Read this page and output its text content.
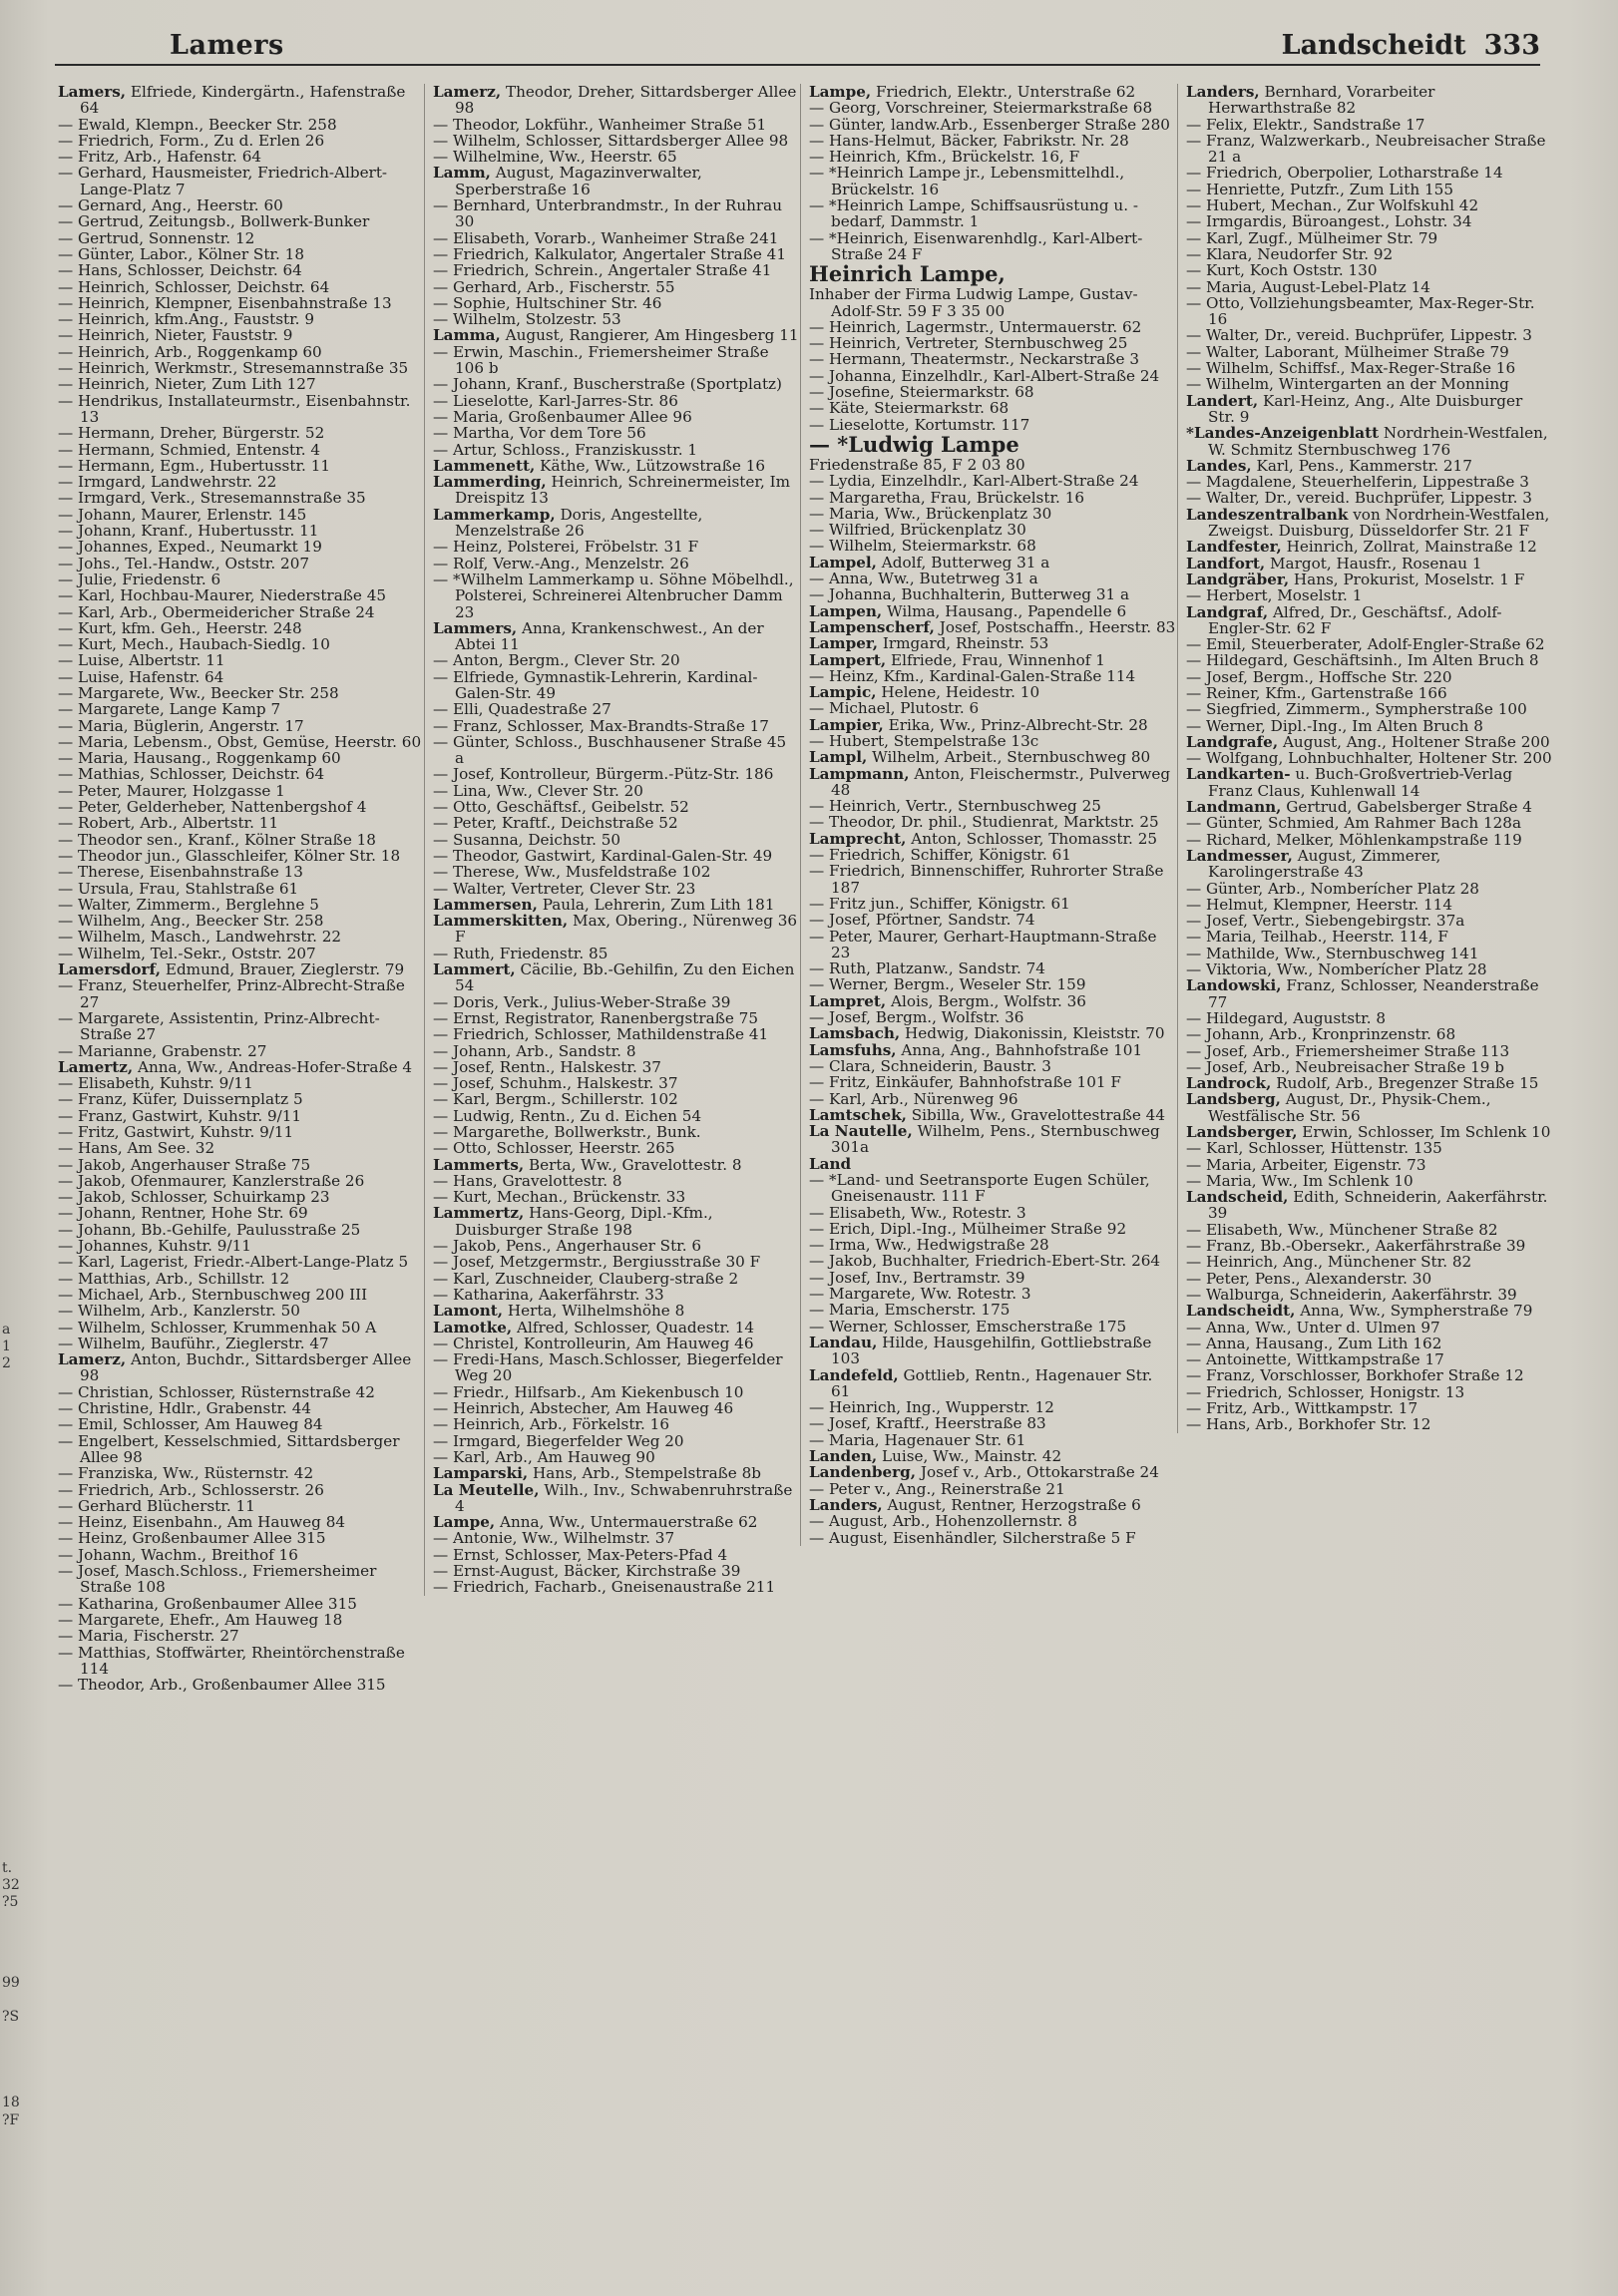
Lamers	Landscheidt 333
a
1
2
t.
32
?5
99
?S
18
?F

Lamers, Elfriede, Kindergärtn., Hafenstraße 64

— Ewald, Klempn., Beecker Str. 258

— Friedrich, Form., Zu d. Erlen 26

— Fritz, Arb., Hafenstr. 64

— Gerhard, Hausmeister, Friedrich-Albert-Lange-Platz 7

— Gernard, Ang., Heerstr. 60

— Gertrud, Zeitungsb., Bollwerk-Bunker

— Gertrud, Sonnenstr. 12

— Günter, Labor., Kölner Str. 18

— Hans, Schlosser, Deichstr. 64

— Heinrich, Schlosser, Deichstr. 64

— Heinrich, Klempner, Eisenbahnstraße 13

— Heinrich, kfm.Ang., Fauststr. 9

— Heinrich, Nieter, Fauststr. 9

— Heinrich, Arb., Roggenkamp 60

— Heinrich, Werkmstr., Stresemannstraße 35

— Heinrich, Nieter, Zum Lith 127

— Hendrikus, Installateurmstr., Eisenbahnstr. 13

— Hermann, Dreher, Bürgerstr. 52

— Hermann, Schmied, Entenstr. 4

— Hermann, Egm., Hubertusstr. 11

— Irmgard, Landwehrstr. 22

— Irmgard, Verk., Stresemannstraße 35

— Johann, Maurer, Erlenstr. 145

— Johann, Kranf., Hubertusstr. 11

— Johannes, Exped., Neumarkt 19

— Johs., Tel.-Handw., Oststr. 207

— Julie, Friedenstr. 6

— Karl, Hochbau-Maurer, Niederstraße 45

— Karl, Arb., Obermeidericher Straße 24

— Kurt, kfm. Geh., Heerstr. 248

— Kurt, Mech., Haubach-Siedlg. 10

— Luise, Albertstr. 11

— Luise, Hafenstr. 64

— Margarete, Ww., Beecker Str. 258

— Margarete, Lange Kamp 7

— Maria, Büglerin, Angerstr. 17

— Maria, Lebensm., Obst, Gemüse, Heerstr. 60

— Maria, Hausang., Roggenkamp 60

— Mathias, Schlosser, Deichstr. 64

— Peter, Maurer, Holzgasse 1

— Peter, Gelderheber, Nattenbergshof 4

— Robert, Arb., Albertstr. 11

— Theodor sen., Kranf., Kölner Straße 18

— Theodor jun., Glasschleifer, Kölner Str. 18

— Therese, Eisenbahnstraße 13

— Ursula, Frau, Stahlstraße 61

— Walter, Zimmerm., Berglehne 5

— Wilhelm, Ang., Beecker Str. 258

— Wilhelm, Masch., Landwehrstr. 22

— Wilhelm, Tel.-Sekr., Oststr. 207

Lamersdorf, Edmund, Brauer, Zieglerstr. 79

— Franz, Steuerhelfer, Prinz-Albrecht-Straße 27

— Margarete, Assistentin, Prinz-Albrecht-Straße 27

— Marianne, Grabenstr. 27

Lamertz, Anna, Ww., Andreas-Hofer-Straße 4

— Elisabeth, Kuhstr. 9/11

— Franz, Küfer, Duissernplatz 5

— Franz, Gastwirt, Kuhstr. 9/11

— Fritz, Gastwirt, Kuhstr. 9/11

— Hans, Am See. 32

— Jakob, Angerhauser Straße 75

— Jakob, Ofenmaurer, Kanzlerstraße 26

— Jakob, Schlosser, Schuirkamp 23

— Johann, Rentner, Hohe Str. 69

— Johann, Bb.-Gehilfe, Paulusstraße 25

— Johannes, Kuhstr. 9/11

— Karl, Lagerist, Friedr.-Albert-Lange-Platz 5

— Matthias, Arb., Schillstr. 12

— Michael, Arb., Sternbuschweg 200 III

— Wilhelm, Arb., Kanzlerstr. 50

— Wilhelm, Schlosser, Krummenhak 50 A

— Wilhelm, Bauführ., Zieglerstr. 47

Lamerz, Anton, Buchdr., Sittardsberger Allee 98

— Christian, Schlosser, Rüsternstraße 42

— Christine, Hdlr., Grabenstr. 44

— Emil, Schlosser, Am Hauweg 84

— Engelbert, Kesselschmied, Sittardsberger Allee 98

— Franziska, Ww., Rüsternstr. 42

— Friedrich, Arb., Schlosserstr. 26

— Gerhard Blücherstr. 11

— Heinz, Eisenbahn., Am Hauweg 84

— Heinz, Großenbaumer Allee 315

— Johann, Wachm., Breithof 16

— Josef, Masch.Schloss., Friemersheimer Straße 108

— Katharina, Großenbaumer Allee 315

— Margarete, Ehefr., Am Hauweg 18

— Maria, Fischerstr. 27

— Matthias, Stoffwärter, Rheintörchenstraße 114

— Theodor, Arb., Großenbaumer Allee 315

Lamerz, Theodor, Dreher, Sittardsberger Allee 98

— Theodor, Lokführ., Wanheimer Straße 51

— Wilhelm, Schlosser, Sittardsberger Allee 98

— Wilhelmine, Ww., Heerstr. 65

Lamm, August, Magazinverwalter, Sperberstraße 16

— Bernhard, Unterbrandmstr., In der Ruhrau 30

— Elisabeth, Vorarb., Wanheimer Straße 241

— Friedrich, Kalkulator, Angertaler Straße 41

— Friedrich, Schrein., Angertaler Straße 41

— Gerhard, Arb., Fischerstr. 55

— Sophie, Hultschiner Str. 46

— Wilhelm, Stolzestr. 53

Lamma, August, Rangierer, Am Hingesberg 11

— Erwin, Maschin., Friemersheimer Straße 106 b

— Johann, Kranf., Buscherstraße (Sportplatz)

— Lieselotte, Karl-Jarres-Str. 86

— Maria, Großenbaumer Allee 96

— Martha, Vor dem Tore 56

— Artur, Schloss., Franziskusstr. 1

Lammenett, Käthe, Ww., Lützowstraße 16

Lammerding, Heinrich, Schreinermeister, Im Dreispitz 13

Lammerkamp, Doris, Angestellte, Menzelstraße 26

— Heinz, Polsterei, Fröbelstr. 31 F

— Rolf, Verw.-Ang., Menzelstr. 26

— *Wilhelm Lammerkamp u. Söhne Möbelhdl., Polsterei, Schreinerei Altenbrucher Damm 23

Lammers, Anna, Krankenschwest., An der Abtei 11

— Anton, Bergm., Clever Str. 20

— Elfriede, Gymnastik-Lehrerin, Kardinal-Galen-Str. 49

— Elli, Quadestraße 27

— Franz, Schlosser, Max-Brandts-Straße 17

— Günter, Schloss., Buschhausener Straße 45 a

— Josef, Kontrolleur, Bürgerm.-Pütz-Str. 186

— Lina, Ww., Clever Str. 20

— Otto, Geschäftsf., Geibelstr. 52

— Peter, Kraftf., Deichstraße 52

— Susanna, Deichstr. 50

— Theodor, Gastwirt, Kardinal-Galen-Str. 49

— Therese, Ww., Musfeldstraße 102

— Walter, Vertreter, Clever Str. 23

Lammersen, Paula, Lehrerin, Zum Lith 181

Lammerskitten, Max, Obering., Nürenweg 36 F

— Ruth, Friedenstr. 85

Lammert, Cäcilie, Bb.-Gehilfin, Zu den Eichen 54

— Doris, Verk., Julius-Weber-Straße 39

— Ernst, Registrator, Ranenbergstraße 75

— Friedrich, Schlosser, Mathildenstraße 41

— Johann, Arb., Sandstr. 8

— Josef, Rentn., Halskestr. 37

— Josef, Schuhm., Halskestr. 37

— Karl, Bergm., Schillerstr. 102

— Ludwig, Rentn., Zu d. Eichen 54

— Margarethe, Bollwerkstr., Bunk.

— Otto, Schlosser, Heerstr. 265

Lammerts, Berta, Ww., Gravelottestr. 8

— Hans, Gravelottestr. 8

— Kurt, Mechan., Brückenstr. 33

Lammertz, Hans-Georg, Dipl.-Kfm., Duisburger Straße 198

— Jakob, Pens., Angerhauser Str. 6

— Josef, Metzgermstr., Bergiusstraße 30 F

— Karl, Zuschneider, Clauberg-straße 2

— Katharina, Aakerfährstr. 33

Lamont, Herta, Wilhelmshöhe 8

Lamotke, Alfred, Schlosser, Quadestr. 14

— Christel, Kontrolleurin, Am Hauweg 46

— Fredi-Hans, Masch.Schlosser, Biegerfelder Weg 20

— Friedr., Hilfsarb., Am Kiekenbusch 10

— Heinrich, Abstecher, Am Hauweg 46

— Heinrich, Arb., Förkelstr. 16

— Irmgard, Biegerfelder Weg 20

— Karl, Arb., Am Hauweg 90

Lamparski, Hans, Arb., Stempelstraße 8b

La Meutelle, Wilh., Inv., Schwabenruhrstraße 4

Lampe, Anna, Ww., Untermauerstraße 62

— Antonie, Ww., Wilhelmstr. 37

— Ernst, Schlosser, Max-Peters-Pfad 4

— Ernst-August, Bäcker, Kirchstraße 39

— Friedrich, Facharb., Gneisenaustraße 211

Lampe, Friedrich, Elektr., Unterstraße 62

— Georg, Vorschreiner, Steiermarkstraße 68

— Günter, landw.Arb., Essenberger Straße 280

— Hans-Helmut, Bäcker, Fabrikstr. Nr. 28

— Heinrich, Kfm., Brückelstr. 16, F

— *Heinrich Lampe jr., Lebensmittelhdl., Brückelstr. 16

— *Heinrich Lampe, Schiffsausrüstung u. -bedarf, Dammstr. 1

— *Heinrich, Eisenwarenhdlg., Karl-Albert-Straße 24 F

Heinrich Lampe,

Inhaber der Firma Ludwig Lampe, Gustav-Adolf-Str. 59 F 3 35 00

— Heinrich, Lagermstr., Untermauerstr. 62

— Heinrich, Vertreter, Sternbuschweg 25

— Hermann, Theatermstr., Neckarstraße 3

— Johanna, Einzelhdlr., Karl-Albert-Straße 24

— Josefine, Steiermarkstr. 68

— Käte, Steiermarkstr. 68

— Lieselotte, Kortumstr. 117

— *Ludwig Lampe

Friedenstraße 85, F 2 03 80

— Lydia, Einzelhdlr., Karl-Albert-Straße 24

— Margaretha, Frau, Brückelstr. 16

— Maria, Ww., Brückenplatz 30

— Wilfried, Brückenplatz 30

— Wilhelm, Steiermarkstr. 68

Lampel, Adolf, Butterweg 31 a

— Anna, Ww., Butetrweg 31 a

— Johanna, Buchhalterin, Butterweg 31 a

Lampen, Wilma, Hausang., Papendelle 6

Lampenscherf, Josef, Postschaffn., Heerstr. 83

Lamper, Irmgard, Rheinstr. 53

Lampert, Elfriede, Frau, Winnenhof 1

— Heinz, Kfm., Kardinal-Galen-Straße 114

Lampic, Helene, Heidestr. 10

— Michael, Plutostr. 6

Lampier, Erika, Ww., Prinz-Albrecht-Str. 28

— Hubert, Stempelstraße 13c

Lampl, Wilhelm, Arbeit., Sternbuschweg 80

Lampmann, Anton, Fleischermstr., Pulverweg 48

— Heinrich, Vertr., Sternbuschweg 25

— Theodor, Dr. phil., Studienrat, Marktstr. 25

Lamprecht, Anton, Schlosser, Thomasstr. 25

— Friedrich, Schiffer, Königstr. 61

— Friedrich, Binnenschiffer, Ruhrorter Straße 187

— Fritz jun., Schiffer, Königstr. 61

— Josef, Pförtner, Sandstr. 74

— Peter, Maurer, Gerhart-Hauptmann-Straße 23

— Ruth, Platzanw., Sandstr. 74

— Werner, Bergm., Weseler Str. 159

Lampret, Alois, Bergm., Wolfstr. 36

— Josef, Bergm., Wolfstr. 36

Lamsbach, Hedwig, Diakonissin, Kleiststr. 70

Lamsfuhs, Anna, Ang., Bahnhofstraße 101

— Clara, Schneiderin, Baustr. 3

— Fritz, Einkäufer, Bahnhofstraße 101 F

— Karl, Arb., Nürenweg 96

Lamtschek, Sibilla, Ww., Gravelottestraße 44

La Nautelle, Wilhelm, Pens., Sternbuschweg 301a

Land

— *Land- und Seetransporte Eugen Schüler, Gneisenaustr. 111 F

— Elisabeth, Ww., Rotestr. 3

— Erich, Dipl.-Ing., Mülheimer Straße 92

— Irma, Ww., Hedwigstraße 28

— Jakob, Buchhalter, Friedrich-Ebert-Str. 264

— Josef, Inv., Bertramstr. 39

— Margarete, Ww. Rotestr. 3

— Maria, Emscherstr. 175

— Werner, Schlosser, Emscherstraße 175

Landau, Hilde, Hausgehilfin, Gottliebstraße 103

Landefeld, Gottlieb, Rentn., Hagenauer Str. 61

— Heinrich, Ing., Wupperstr. 12

— Josef, Kraftf., Heerstraße 83

— Maria, Hagenauer Str. 61

Landen, Luise, Ww., Mainstr. 42

Landenberg, Josef v., Arb., Ottokarstraße 24

— Peter v., Ang., Reinerstraße 21

Landers, August, Rentner, Herzogstraße 6

— August, Arb., Hohenzollernstr. 8

— August, Eisenhändler, Silcherstraße 5 F

Landers, Bernhard, Vorarbeiter Herwarthstraße 82

— Felix, Elektr., Sandstraße 17

— Franz, Walzwerkarb., Neubreisacher Straße 21 a

— Friedrich, Oberpolier, Lotharstraße 14

— Henriette, Putzfr., Zum Lith 155

— Hubert, Mechan., Zur Wolfskuhl 42

— Irmgardis, Büroangest., Lohstr. 34

— Karl, Zugf., Mülheimer Str. 79

— Klara, Neudorfer Str. 92

— Kurt, Koch Oststr. 130

— Maria, August-Lebel-Platz 14

— Otto, Vollziehungsbeamter, Max-Reger-Str. 16

— Walter, Dr., vereid. Buchprüfer, Lippestr. 3

— Walter, Laborant, Mülheimer Straße 79

— Wilhelm, Schiffsf., Max-Reger-Straße 16

— Wilhelm, Wintergarten an der Monning

Landert, Karl-Heinz, Ang., Alte Duisburger Str. 9

*Landes-Anzeigenblatt Nordrhein-Westfalen, W. Schmitz Sternbuschweg 176

Landes, Karl, Pens., Kammerstr. 217

— Magdalene, Steuerhelferin, Lippestraße 3

— Walter, Dr., vereid. Buchprüfer, Lippestr. 3

Landeszentralbank von Nordrhein-Westfalen, Zweigst. Duisburg, Düsseldorfer Str. 21 F

Landfester, Heinrich, Zollrat, Mainstraße 12

Landfort, Margot, Hausfr., Rosenau 1

Landgräber, Hans, Prokurist, Moselstr. 1 F

— Herbert, Moselstr. 1

Landgraf, Alfred, Dr., Geschäftsf., Adolf-Engler-Str. 62 F

— Emil, Steuerberater, Adolf-Engler-Straße 62

— Hildegard, Geschäftsinh., Im Alten Bruch 8

— Josef, Bergm., Hoffsche Str. 220

— Reiner, Kfm., Gartenstraße 166

— Siegfried, Zimmerm., Sympherstraße 100

— Werner, Dipl.-Ing., Im Alten Bruch 8

Landgrafe, August, Ang., Holtener Straße 200

— Wolfgang, Lohnbuchhalter, Holtener Str. 200

Landkarten- u. Buch-Großvertrieb-Verlag Franz Claus, Kuhlenwall 14

Landmann, Gertrud, Gabelsberger Straße 4

— Günter, Schmied, Am Rahmer Bach 128a

— Richard, Melker, Möhlenkampstraße 119

Landmesser, August, Zimmerer, Karolingerstraße 43

— Günter, Arb., Nomberícher Platz 28

— Helmut, Klempner, Heerstr. 114

— Josef, Vertr., Siebengebirgstr. 37a

— Maria, Teilhab., Heerstr. 114, F

— Mathilde, Ww., Sternbuschweg 141

— Viktoria, Ww., Nomberícher Platz 28

Landowski, Franz, Schlosser, Neanderstraße 77

— Hildegard, Auguststr. 8

— Johann, Arb., Kronprinzenstr. 68

— Josef, Arb., Friemersheimer Straße 113

— Josef, Arb., Neubreisacher Straße 19 b

Landrock, Rudolf, Arb., Bregenzer Straße 15

Landsberg, August, Dr., Physik-Chem., Westfälische Str. 56

Landsberger, Erwin, Schlosser, Im Schlenk 10

— Karl, Schlosser, Hüttenstr. 135

— Maria, Arbeiter, Eigenstr. 73

— Maria, Ww., Im Schlenk 10

Landscheid, Edith, Schneiderin, Aakerfährstr. 39

— Elisabeth, Ww., Münchener Straße 82

— Franz, Bb.-Obersekr., Aakerfährstraße 39

— Heinrich, Ang., Münchener Str. 82

— Peter, Pens., Alexanderstr. 30

— Walburga, Schneiderin, Aakerfährstr. 39

Landscheidt, Anna, Ww., Sympherstraße 79

— Anna, Ww., Unter d. Ulmen 97

— Anna, Hausang., Zum Lith 162

— Antoinette, Wittkampstraße 17

— Franz, Vorschlosser, Borkhofer Straße 12

— Friedrich, Schlosser, Honigstr. 13

— Fritz, Arb., Wittkampstr. 17

— Hans, Arb., Borkhofer Str. 12
